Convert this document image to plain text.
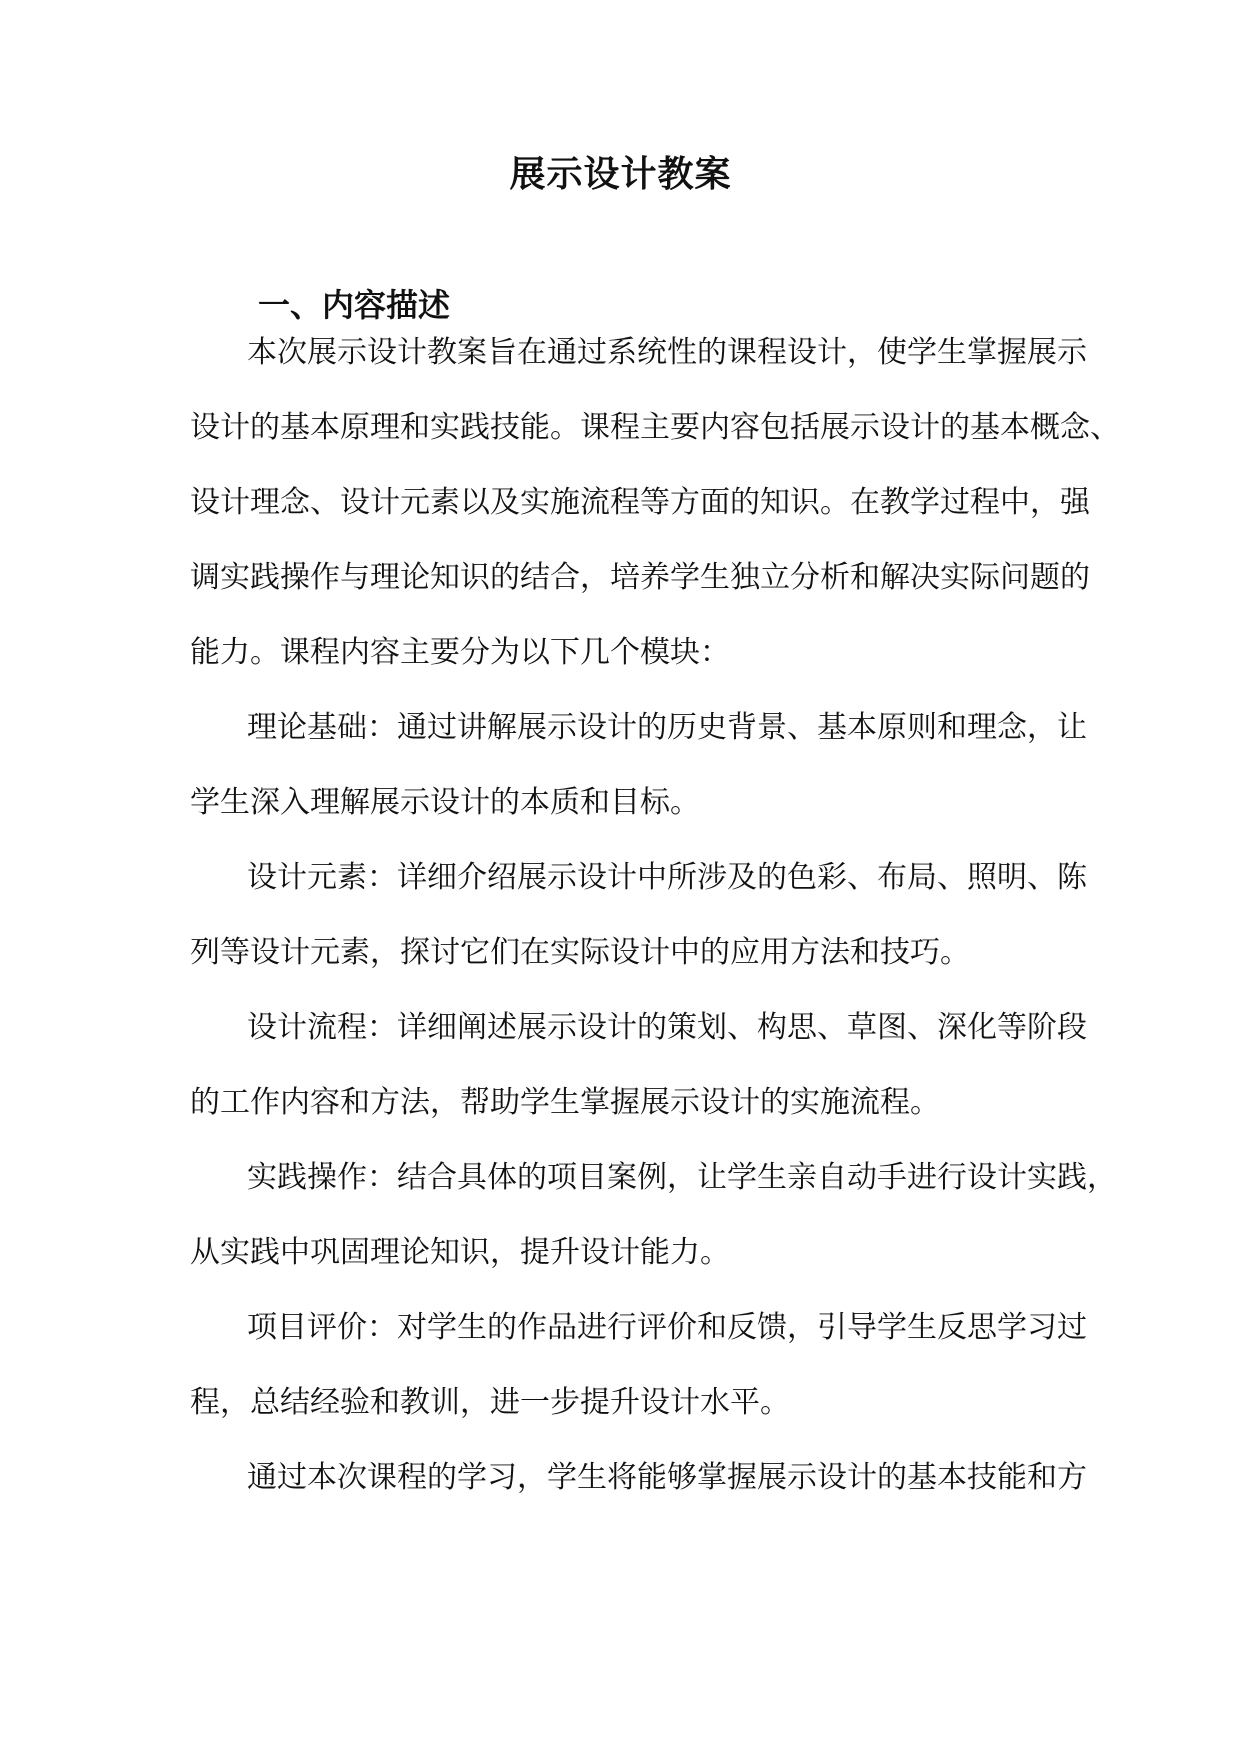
展示设计教案
一、内容描述

本次展示设计教案旨在通过系统性的课程设计，使学生掌握展示

设计的基本原理和实践技能。课程主要内容包括展示设计的基本概念、

设计理念、设计元素以及实施流程等方面的知识。在教学过程中，强

调实践操作与理论知识的结合，培养学生独立分析和解决实际问题的

能力。课程内容主要分为以下几个模块：

理论基础：通过讲解展示设计的历史背景、基本原则和理念，让

学生深入理解展示设计的本质和目标。

设计元素：详细介绍展示设计中所涉及的色彩、布局、照明、陈

列等设计元素，探讨它们在实际设计中的应用方法和技巧。

设计流程：详细阐述展示设计的策划、构思、草图、深化等阶段

的工作内容和方法，帮助学生掌握展示设计的实施流程。

实践操作：结合具体的项目案例，让学生亲自动手进行设计实践，

从实践中巩固理论知识，提升设计能力。

项目评价：对学生的作品进行评价和反馈，引导学生反思学习过

程，总结经验和教训，进一步提升设计水平。

通过本次课程的学习，学生将能够掌握展示设计的基本技能和方
